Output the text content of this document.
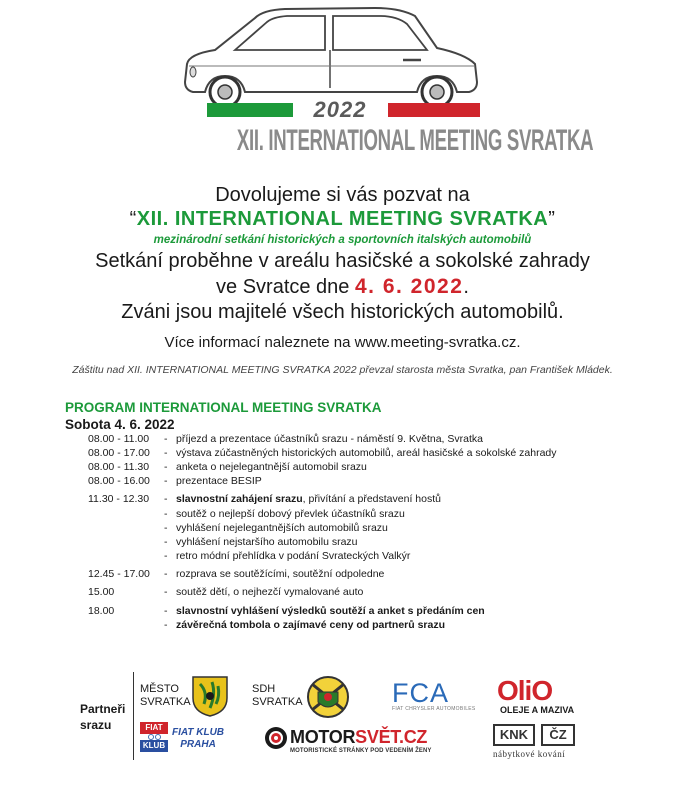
2022
XII. INTERNATIONAL MEETING SVRATKA
Dovolujeme si vás pozvat na
“XII. INTERNATIONAL MEETING SVRATKA”
mezinárodní setkání historických a sportovních italských automobilů
Setkání proběhne v areálu hasičské a sokolské zahrady
ve Svratce dne 4. 6. 2022.
Zváni jsou majitelé všech historických automobilů.
Více informací naleznete na www.meeting-svratka.cz.
Záštitu nad XII. INTERNATIONAL MEETING SVRATKA 2022 převzal starosta města Svratka, pan František Mládek.
PROGRAM INTERNATIONAL MEETING SVRATKA
Sobota 4. 6. 2022
08.00 - 11.00	- příjezd a prezentace účastníků srazu - náměstí 9. Května, Svratka
08.00 - 17.00	- výstava zúčastněných historických automobilů, areál hasičské a sokolské zahrady
08.00 - 11.30	- anketa o nejelegantnější automobil srazu
08.00 - 16.00	- prezentace BESIP
11.30 - 12.30	- slavnostní zahájení srazu, přivítání a představení hostů
- soutěž o nejlepší dobový převlek účastníků srazu
- vyhlášení nejelegantnějších automobilů srazu
- vyhlášení nejstaršího automobilu srazu
- retro módní přehlídka v podání Svrateckých Valkýr
12.45 - 17.00	- rozprava se soutěžícími, soutěžní odpoledne
15.00	- soutěž dětí, o nejhezčí vymalované auto
18.00	- slavnostní vyhlášení výsledků soutěží a anket s předáním cen
- závěrečná tombola o zajímavé ceny od partnerů srazu
Partneři
srazu
MĚSTO
SVRATKA
FIAT
KLUB
FIAT KLUB
PRAHA
SDH
SVRATKA	FCA
FIAT CHRYSLER AUTOMOBILES
MOTORSVĚT.CZ
MOTORISTICKÉ STRÁNKY POD VEDENÍM ŽENY
OliO
OLEJE A MAZIVA
KNK	ČZ
nábytkové kování
